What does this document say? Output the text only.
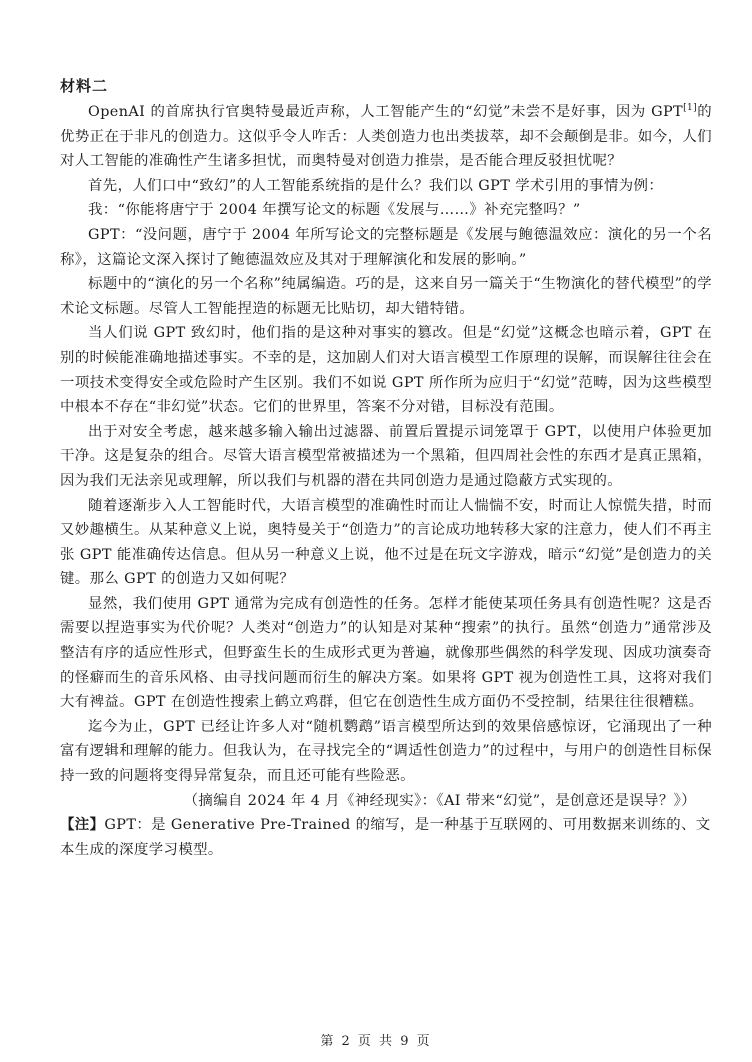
材料二

OpenAI 的首席执行官奥特曼最近声称，人工智能产生的“幻觉”未尝不是好事，因为 GPT[1]的优势正在于非凡的创造力。这似乎令人咋舌：人类创造力也出类拔萃，却不会颠倒是非。如今，人们对人工智能的准确性产生诸多担忧，而奥特曼对创造力推崇，是否能合理反驳担忧呢？

首先，人们口中“致幻”的人工智能系统指的是什么？我们以 GPT 学术引用的事情为例：

我：“你能将唐宁于 2004 年撰写论文的标题《发展与……》补充完整吗？”

GPT：“没问题，唐宁于 2004 年所写论文的完整标题是《发展与鲍德温效应：演化的另一个名称》，这篇论文深入探讨了鲍德温效应及其对于理解演化和发展的影响。”

标题中的“演化的另一个名称”纯属编造。巧的是，这来自另一篇关于“生物演化的替代模型”的学术论文标题。尽管人工智能捏造的标题无比贴切，却大错特错。

当人们说 GPT 致幻时，他们指的是这种对事实的篡改。但是“幻觉”这概念也暗示着，GPT 在别的时候能准确地描述事实。不幸的是，这加剧人们对大语言模型工作原理的误解，而误解往往会在一项技术变得安全或危险时产生区别。我们不如说 GPT 所作所为应归于“幻觉”范畴，因为这些模型中根本不存在“非幻觉”状态。它们的世界里，答案不分对错，目标没有范围。

出于对安全考虑，越来越多输入输出过滤器、前置后置提示词笼罩于 GPT，以使用户体验更加干净。这是复杂的组合。尽管大语言模型常被描述为一个黑箱，但四周社会性的东西才是真正黑箱，因为我们无法亲见或理解，所以我们与机器的潜在共同创造力是通过隐蔽方式实现的。

随着逐渐步入人工智能时代，大语言模型的准确性时而让人惴惴不安，时而让人惊慌失措，时而又妙趣横生。从某种意义上说，奥特曼关于“创造力”的言论成功地转移大家的注意力，使人们不再主张 GPT 能准确传达信息。但从另一种意义上说，他不过是在玩文字游戏，暗示“幻觉”是创造力的关键。那么 GPT 的创造力又如何呢？

显然，我们使用 GPT 通常为完成有创造性的任务。怎样才能使某项任务具有创造性呢？这是否需要以捏造事实为代价呢？人类对“创造力”的认知是对某种“搜索”的执行。虽然“创造力”通常涉及整洁有序的适应性形式，但野蛮生长的生成形式更为普遍，就像那些偶然的科学发现、因成功演奏奇的怪癖而生的音乐风格、由寻找问题而衍生的解决方案。如果将 GPT 视为创造性工具，这将对我们大有裨益。GPT 在创造性搜索上鹤立鸡群，但它在创造性生成方面仍不受控制，结果往往很糟糕。

迄今为止，GPT 已经让许多人对“随机鹦鹉”语言模型所达到的效果倍感惊讶，它涌现出了一种富有逻辑和理解的能力。但我认为，在寻找完全的“调适性创造力”的过程中，与用户的创造性目标保持一致的问题将变得异常复杂，而且还可能有些险恶。

（摘编自 2024 年 4 月《神经现实》：《AI 带来“幻觉”，是创意还是误导？》）

【注】GPT：是 Generative Pre-Trained 的缩写，是一种基于互联网的、可用数据来训练的、文本生成的深度学习模型。

第 2 页 共 9 页
